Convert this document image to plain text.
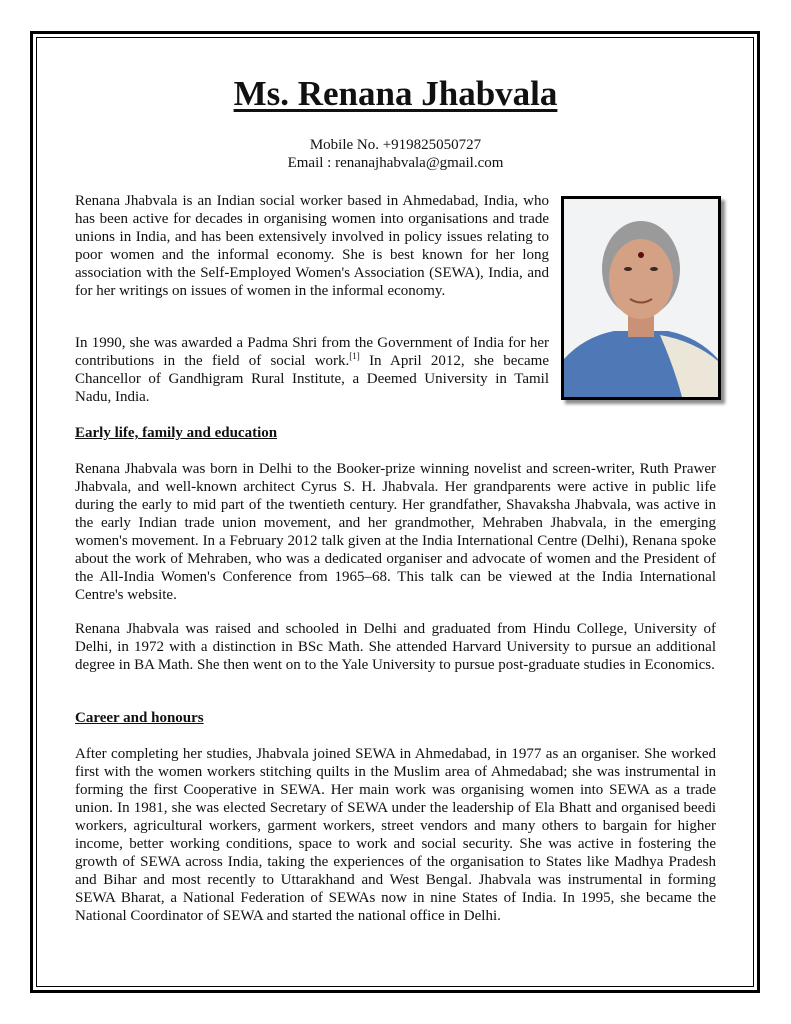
Ms. Renana Jhabvala
Mobile No. +919825050727
Email : renanajhabvala@gmail.com

Renana Jhabvala is an Indian social worker based in Ahmedabad, India, who has been active for decades in organising women into organisations and trade unions in India, and has been extensively involved in policy issues relating to poor women and the informal economy. She is best known for her long association with the Self-Employed Women's Association (SEWA), India, and for her writings on issues of women in the informal economy.

In 1990, she was awarded a Padma Shri from the Government of India for her contributions in the field of social work.[1] In April 2012, she became Chancellor of Gandhigram Rural Institute, a Deemed University in Tamil Nadu, India.

Early life, family and education

Renana Jhabvala was born in Delhi to the Booker-prize winning novelist and screen-writer, Ruth Prawer Jhabvala, and well-known architect Cyrus S. H. Jhabvala. Her grandparents were active in public life during the early to mid part of the twentieth century. Her grandfather, Shavaksha Jhabvala, was active in the early Indian trade union movement, and her grandmother, Mehraben Jhabvala, in the emerging women's movement. In a February 2012 talk given at the India International Centre (Delhi), Renana spoke about the work of Mehraben, who was a dedicated organiser and advocate of women and the President of the All-India Women's Conference from 1965–68. This talk can be viewed at the India International Centre's website.

Renana Jhabvala was raised and schooled in Delhi and graduated from Hindu College, University of Delhi, in 1972 with a distinction in BSc Math. She attended Harvard University to pursue an additional degree in BA Math. She then went on to the Yale University to pursue post-graduate studies in Economics.

Career and honours

After completing her studies, Jhabvala joined SEWA in Ahmedabad, in 1977 as an organiser. She worked first with the women workers stitching quilts in the Muslim area of Ahmedabad; she was instrumental in forming the first Cooperative in SEWA. Her main work was organising women into SEWA as a trade union. In 1981, she was elected Secretary of SEWA under the leadership of Ela Bhatt and organised beedi workers, agricultural workers, garment workers, street vendors and many others to bargain for higher income, better working conditions, space to work and social security. She was active in fostering the growth of SEWA across India, taking the experiences of the organisation to States like Madhya Pradesh and Bihar and most recently to Uttarakhand and West Bengal. Jhabvala was instrumental in forming SEWA Bharat, a National Federation of SEWAs now in nine States of India. In 1995, she became the National Coordinator of SEWA and started the national office in Delhi.
